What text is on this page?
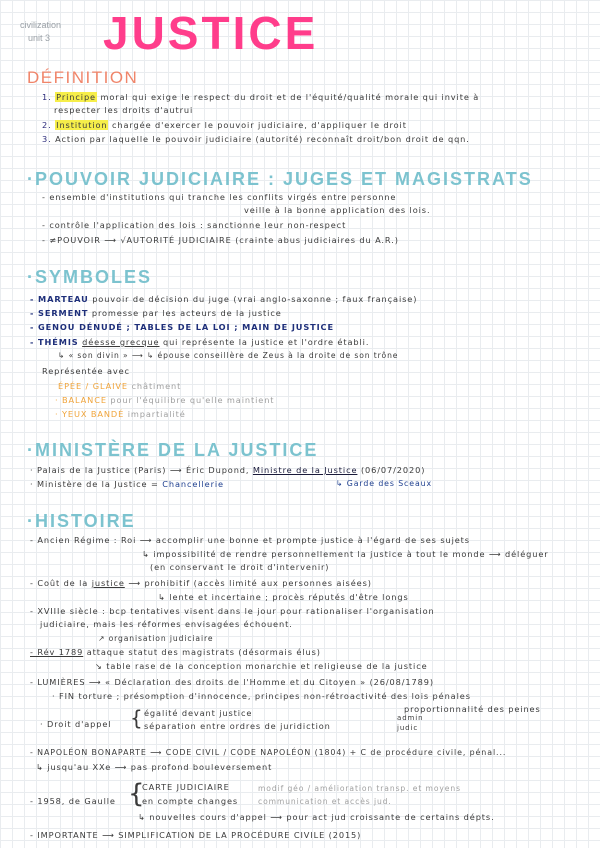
civilization
unit 3 JUSTICE
DÉFINITION
1. Principe moral qui exige le respect du droit et de l'équité/qualité morale qui invite à
respecter les droits d'autrui
2. Institution chargée d'exercer le pouvoir judiciaire, d'appliquer le droit
3. Action par laquelle le pouvoir judiciaire (autorité) reconnaît droit/bon droit de qqn.
·POUVOIR JUDICIAIRE : JUGES ET MAGISTRATS
- ensemble d'institutions qui tranche les conflits virgés entre personne
veille à la bonne application des lois.
- contrôle l'application des lois : sanctionne leur non-respect
- ≠POUVOIR ⟶ √AUTORITÉ JUDICIAIRE (crainte abus judiciaires du A.R.)
·SYMBOLES
- MARTEAU pouvoir de décision du juge (vrai anglo-saxonne ; faux française)
- SERMENT promesse par les acteurs de la justice
- GENOU DÉNUDÉ ; TABLES DE LA LOI ; MAIN DE JUSTICE
- THÉMIS déesse grecque qui représente la justice et l'ordre établi.
↳ « son divin » ⟶ ↳ épouse conseillère de Zeus à la droite de son trône
Représentée avec
ÉPÉE / GLAIVE châtiment
· BALANCE pour l'équilibre qu'elle maintient
· YEUX BANDÉ impartialité
·MINISTÈRE DE LA JUSTICE
· Palais de la Justice (Paris) ⟶ Éric Dupond, Ministre de la Justice (06/07/2020)
· Ministère de la Justice = Chancellerie	↳ Garde des Sceaux
·HISTOIRE
- Ancien Régime : Roi ⟶ accomplir une bonne et prompte justice à l'égard de ses sujets
↳ impossibilité de rendre personnellement la justice à tout le monde ⟶ déléguer
(en conservant le droit d'intervenir)
- Coût de la justice ⟶ prohibitif (accès limité aux personnes aisées)
↳ lente et incertaine ; procès réputés d'être longs
- XVIIIe siècle : bcp tentatives visent dans le jour pour rationaliser l'organisation
judiciaire, mais les réformes envisagées échouent.
↗ organisation judiciaire
- Rév 1789 attaque statut des magistrats (désormais élus)
↘ table rase de la conception monarchie et religieuse de la justice
- LUMIÈRES ⟶ « Déclaration des droits de l'Homme et du Citoyen » (26/08/1789)
· FIN torture ; présomption d'innocence, principes non-rétroactivité des lois pénales
proportionnalité des peines
· Droit d'appel { égalité devant justice
séparation entre ordres de juridiction
admin
judic
- NAPOLÉON BONAPARTE ⟶ CODE CIVIL / CODE NAPOLÉON (1804) + C de procédure civile, pénal...
↳ jusqu'au XXe ⟶ pas profond bouleversement
- 1958, de Gaulle {
CARTE JUDICIAIRE
en compte changes
modif géo / amélioration transp. et moyens
communication et accès jud.
↳ nouvelles cours d'appel ⟶ pour act jud croissante de certains dépts.
- IMPORTANTE ⟶ SIMPLIFICATION DE LA PROCÉDURE CIVILE (2015)
